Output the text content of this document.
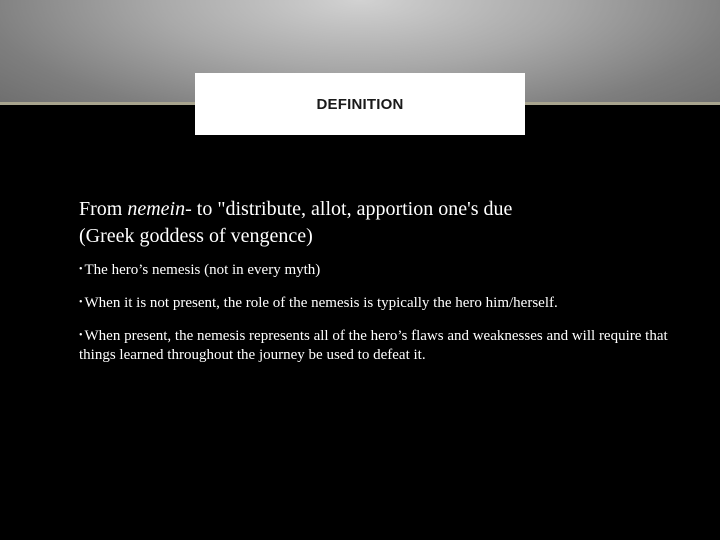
DEFINITION

From nemein- to "distribute, allot, apportion one's due
(Greek goddess of vengence)

• The hero’s nemesis (not in every myth)

• When it is not present, the role of the nemesis is typically the hero him/herself.

• When present, the nemesis represents all of the hero’s flaws and weaknesses and will require that things learned throughout the journey be used to defeat it.
